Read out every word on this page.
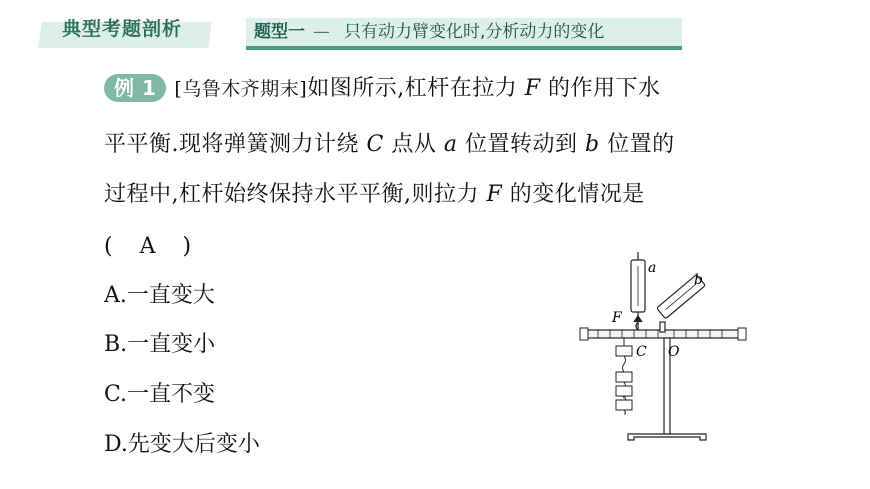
典型考题剖析	题型一 — 只有动力臂变化时,分析动力的变化
例 1 [乌鲁木齐期末]如图所示,杠杆在拉力 F 的作用下水
平平衡.现将弹簧测力计绕 C 点从 a 位置转动到 b 位置的
过程中,杠杆始终保持水平平衡,则拉力 F 的变化情况是
( A )
A.一直变大
B.一直变小
C.一直不变
D.先变大后变小
a
b
F
C O
